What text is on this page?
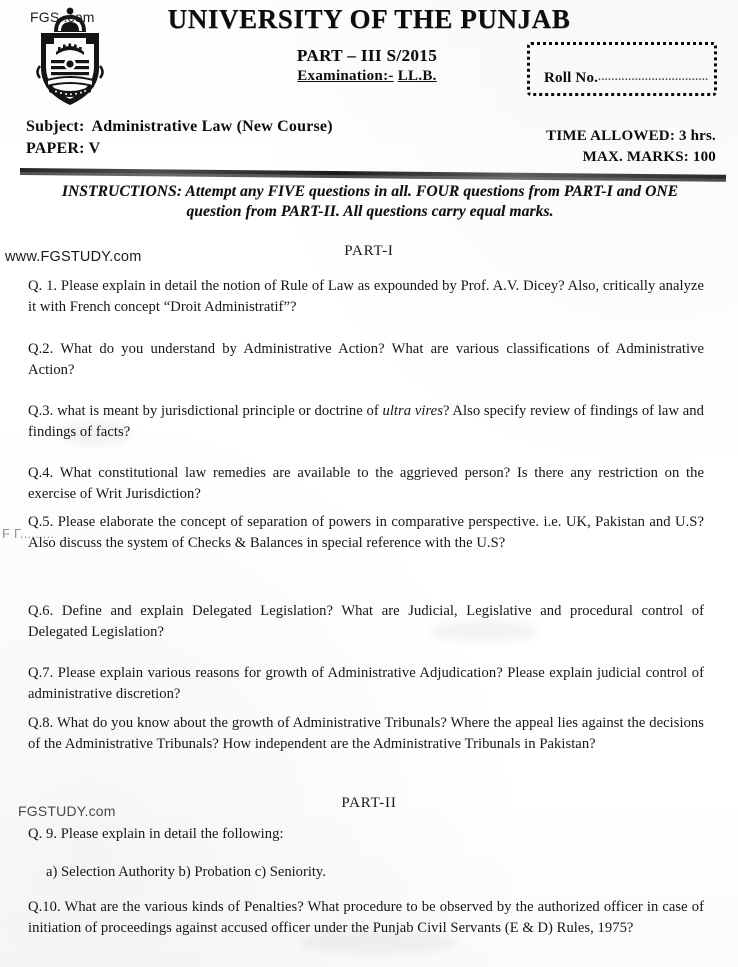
UNIVERSITY OF THE PUNJAB
PART – III S/2015
Examination:- LL.B.	Roll No..................................
Subject: Administrative Law (New Course)
PAPER: V
TIME ALLOWED: 3 hrs.
MAX. MARKS: 100
INSTRUCTIONS: Attempt any FIVE questions in all. FOUR questions from PART-I and ONE question from PART-II. All questions carry equal marks.
PART-I
Q. 1. Please explain in detail the notion of Rule of Law as expounded by Prof. A.V. Dicey? Also, critically analyze it with French concept “Droit Administratif”?
Q.2. What do you understand by Administrative Action? What are various classifications of Administrative Action?
Q.3. what is meant by jurisdictional principle or doctrine of ultra vires? Also specify review of findings of law and findings of facts?
Q.4. What constitutional law remedies are available to the aggrieved person? Is there any restriction on the exercise of Writ Jurisdiction?
Q.5. Please elaborate the concept of separation of powers in comparative perspective. i.e. UK, Pakistan and U.S? Also discuss the system of Checks & Balances in special reference with the U.S?
Q.6. Define and explain Delegated Legislation? What are Judicial, Legislative and procedural control of Delegated Legislation?
Q.7. Please explain various reasons for growth of Administrative Adjudication? Please explain judicial control of administrative discretion?
Q.8. What do you know about the growth of Administrative Tribunals? Where the appeal lies against the decisions of the Administrative Tribunals? How independent are the Administrative Tribunals in Pakistan?
PART-II
Q. 9. Please explain in detail the following:
a) Selection Authority b) Probation c) Seniority.
Q.10. What are the various kinds of Penalties? What procedure to be observed by the authorized officer in case of initiation of proceedings against accused officer under the Punjab Civil Servants (E & D) Rules, 1975?
FGS .com
www.FGSTUDY.com
F Γ.........
FGSTUDY.com
